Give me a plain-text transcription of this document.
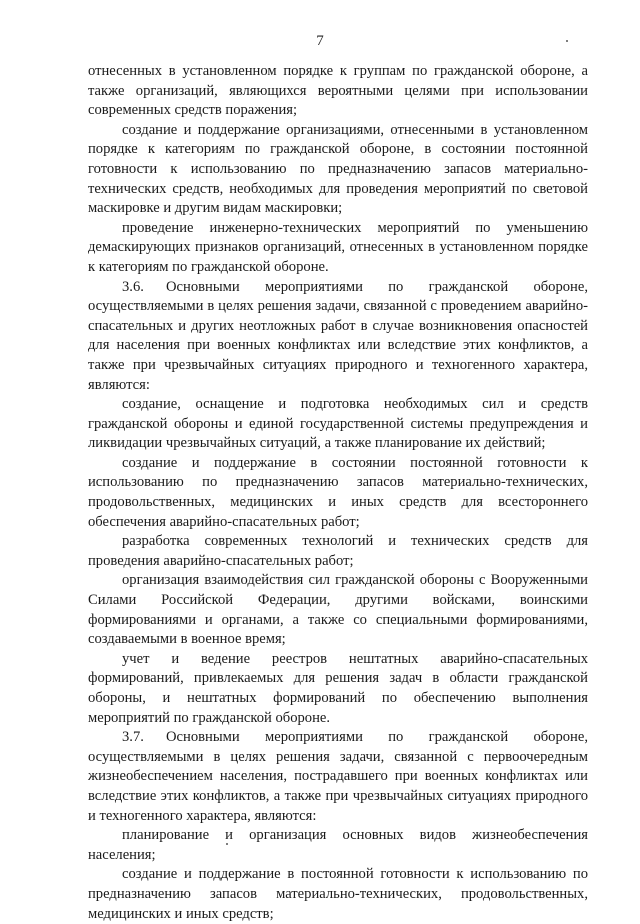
7

отнесенных в установленном порядке к группам по гражданской обороне, а также организаций, являющихся вероятными целями при использовании современных средств поражения;

создание и поддержание организациями, отнесенными в установленном порядке к категориям по гражданской обороне, в состоянии постоянной готовности к использованию по предназначению запасов материально-технических средств, необходимых для проведения мероприятий по световой маскировке и другим видам маскировки;

проведение инженерно-технических мероприятий по уменьшению демаскирующих признаков организаций, отнесенных в установленном порядке к категориям по гражданской обороне.

3.6. Основными мероприятиями по гражданской обороне, осуществляемыми в целях решения задачи, связанной с проведением аварийно-спасательных и других неотложных работ в случае возникновения опасностей для населения при военных конфликтах или вследствие этих конфликтов, а также при чрезвычайных ситуациях природного и техногенного характера, являются:

создание, оснащение и подготовка необходимых сил и средств гражданской обороны и единой государственной системы предупреждения и ликвидации чрезвычайных ситуаций, а также планирование их действий;

создание и поддержание в состоянии постоянной готовности к использованию по предназначению запасов материально-технических, продовольственных, медицинских и иных средств для всестороннего обеспечения аварийно-спасательных работ;

разработка современных технологий и технических средств для проведения аварийно-спасательных работ;

организация взаимодействия сил гражданской обороны с Вооруженными Силами Российской Федерации, другими войсками, воинскими формированиями и органами, а также со специальными формированиями, создаваемыми в военное время;

учет и ведение реестров нештатных аварийно-спасательных формирований, привлекаемых для решения задач в области гражданской обороны, и нештатных формирований по обеспечению выполнения мероприятий по гражданской обороне.

3.7. Основными мероприятиями по гражданской обороне, осуществляемыми в целях решения задачи, связанной с первоочередным жизнеобеспечением населения, пострадавшего при военных конфликтах или вследствие этих конфликтов, а также при чрезвычайных ситуациях природного и техногенного характера, являются:

планирование и организация основных видов жизнеобеспечения населения;

создание и поддержание в постоянной готовности к использованию по предназначению запасов материально-технических, продовольственных, медицинских и иных средств;
